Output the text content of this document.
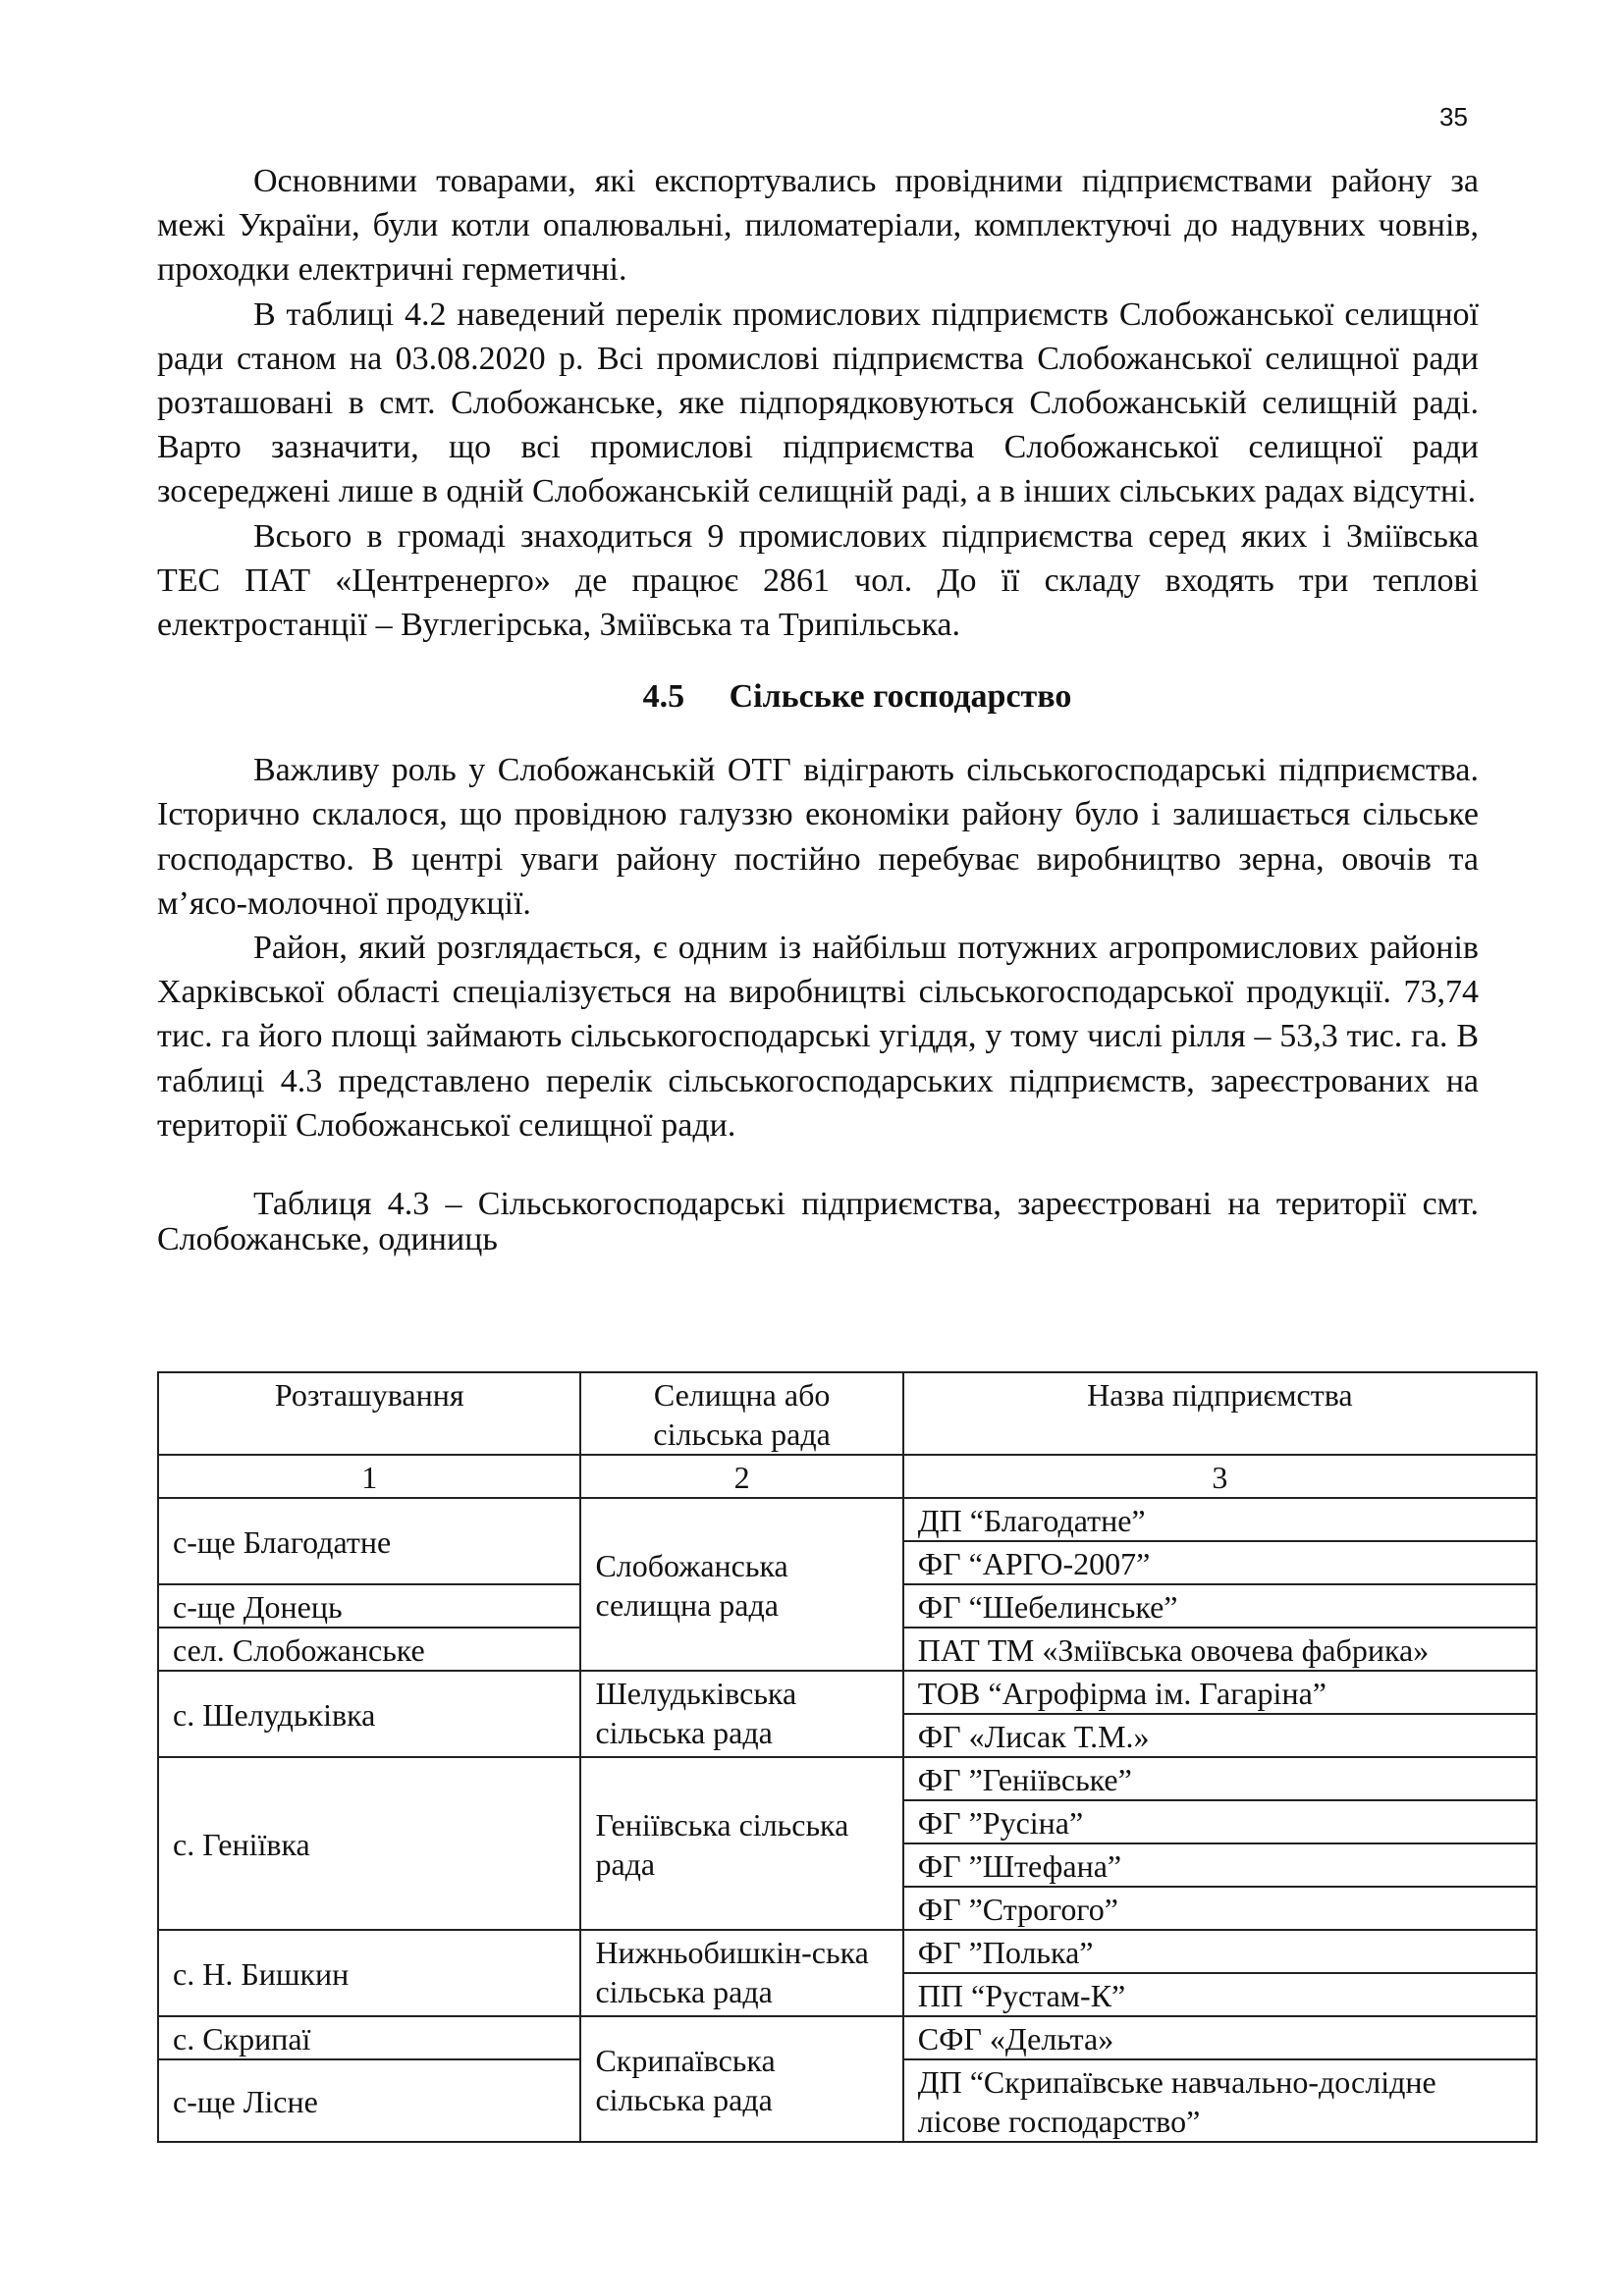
35

Основними товарами, які експортувались провідними підприємствами району за межі України, були котли опалювальні, пиломатеріали, комплектуючі до надувних човнів, проходки електричні герметичні.

В таблиці 4.2 наведений перелік промислових підприємств Слобожанської селищної ради станом на 03.08.2020 р. Всі промислові підприємства Слобожанської селищної ради розташовані в смт. Слобожанське, яке підпорядковуються Слобожанській селищній раді. Варто зазначити, що всі промислові підприємства Слобожанської селищної ради зосереджені лише в одній Слобожанській селищній раді, а в інших сільських радах відсутні.

Всього в громаді знаходиться 9 промислових підприємства серед яких і Зміївська ТЕС ПАТ «Центренерго» де працює 2861 чол. До її складу входять три теплові електростанції – Вуглегірська, Зміївська та Трипільська.

4.5 Сільське господарство

Важливу роль у Слобожанській ОТГ відіграють сільськогосподарські підприємства. Історично склалося, що провідною галуззю економіки району було і залишається сільське господарство. В центрі уваги району постійно перебуває виробництво зерна, овочів та м’ясо-молочної продукції.

Район, який розглядається, є одним із найбільш потужних агропромислових районів Харківської області спеціалізується на виробництві сільськогосподарської продукції. 73,74 тис. га його площі займають сільськогосподарські угіддя, у тому числі рілля – 53,3 тис. га. В таблиці 4.3 представлено перелік сільськогосподарських підприємств, зареєстрованих на території Слобожанської селищної ради.

Таблиця 4.3 – Сільськогосподарські підприємства, зареєстровані на території смт. Слобожанське, одиниць

Розташування	Селищна або сільська рада	Назва підприємства
1	2	3
с-ще Благодатне	Слобожанська селищна рада	ДП “Благодатне”
		ФГ “АРГО-2007”
с-ще Донець		ФГ “Шебелинське”
сел. Слобожанське		ПАТ ТМ «Зміївська овочева фабрика»
с. Шелудьківка	Шелудьківська сільська рада	ТОВ “Агрофірма ім. Гагаріна”
		ФГ «Лисак Т.М.»
с. Геніївка	Геніївська сільська рада	ФГ ”Геніївське”
		ФГ ”Русіна”
		ФГ ”Штефана”
		ФГ ”Строгого”
с. Н. Бишкин	Нижньобишкін-ська сільська рада	ФГ ”Полька”
		ПП “Рустам-К”
с. Скрипаї	Скрипаївська сільська рада	СФГ «Дельта»
с-ще Лісне		ДП “Скрипаївське навчально-дослідне лісове господарство”
